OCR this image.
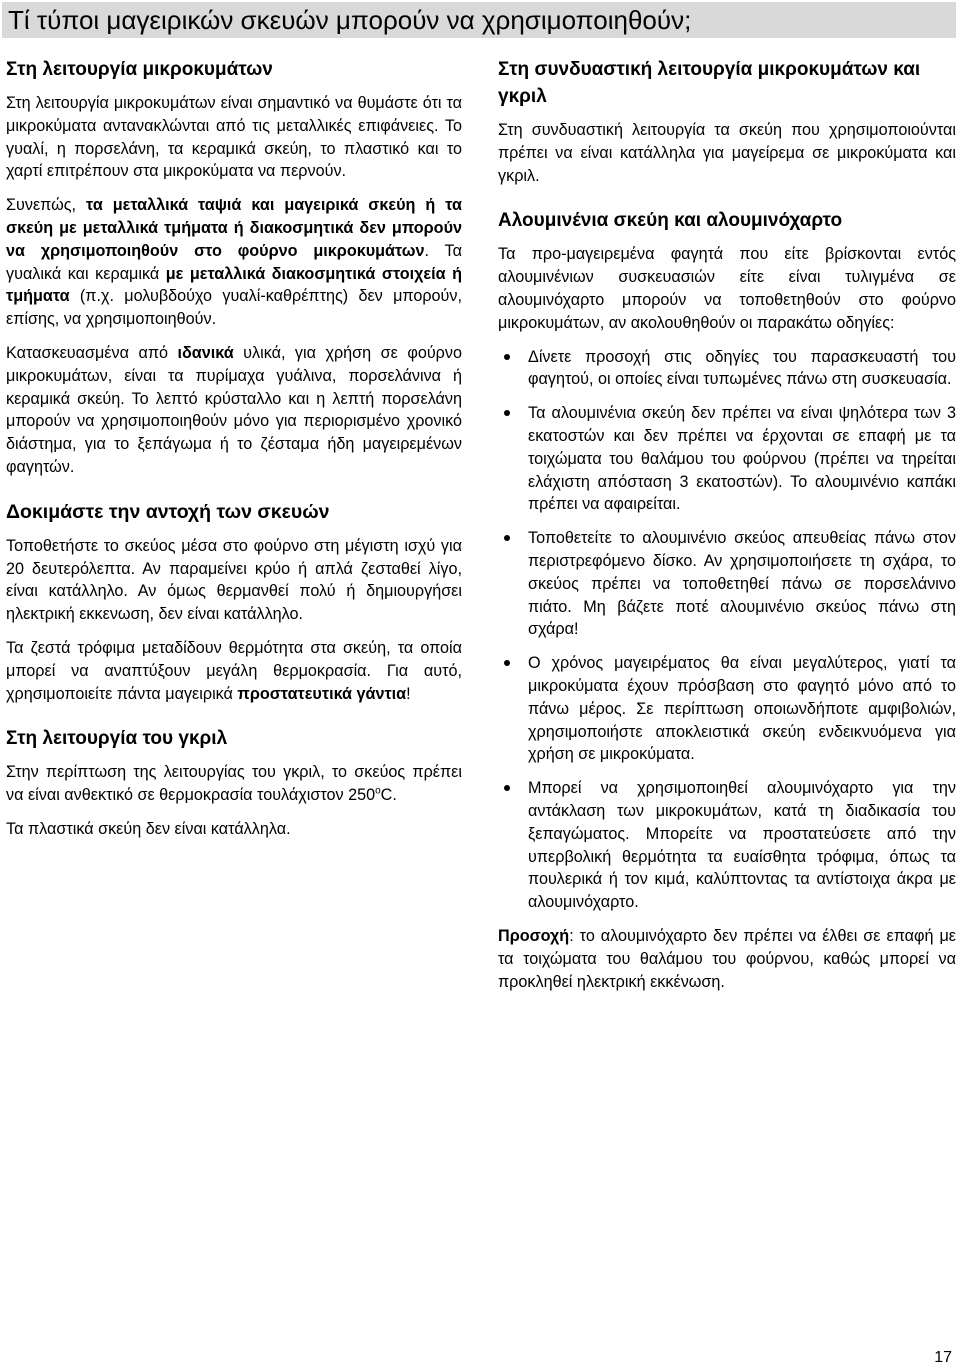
Τί τύποι μαγειρικών σκευών μπορούν να χρησιμοποιηθούν;
Στη λειτουργία μικροκυμάτων

Στη λειτουργία μικροκυμάτων είναι σημαντικό να θυμάστε ότι τα μικροκύματα αντανακλώνται από τις μεταλλικές επιφάνειες. Το γυαλί, η πορσελάνη, τα κεραμικά σκεύη, το πλαστικό και το χαρτί επιτρέπουν στα μικροκύματα να περνούν.

Συνεπώς, τα μεταλλικά ταψιά και μαγειρικά σκεύη ή τα σκεύη με μεταλλικά τμήματα ή διακοσμητικά δεν μπορούν να χρησιμοποιηθούν στο φούρνο μικροκυμάτων. Τα γυαλικά και κεραμικά με μεταλλικά διακοσμητικά στοιχεία ή τμήματα (π.χ. μολυβδούχο γυαλί-καθρέπτης) δεν μπορούν, επίσης, να χρησιμοποιηθούν.

Κατασκευασμένα από ιδανικά υλικά, για χρήση σε φούρνο μικροκυμάτων, είναι τα πυρίμαχα γυάλινα, πορσελάνινα ή κεραμικά σκεύη. Το λεπτό κρύσταλλο και η λεπτή πορσελάνη μπορούν να χρησιμοποιηθούν μόνο για περιορισμένο χρονικό διάστημα, για το ξεπάγωμα ή το ζέσταμα ήδη μαγειρεμένων φαγητών.

Δοκιμάστε την αντοχή των σκευών

Τοποθετήστε το σκεύος μέσα στο φούρνο στη μέγιστη ισχύ για 20 δευτερόλεπτα. Αν παραμείνει κρύο ή απλά ζεσταθεί λίγο, είναι κατάλληλο. Αν όμως θερμανθεί πολύ ή δημιουργήσει ηλεκτρική εκκενωση, δεν είναι κατάλληλο.

Τα ζεστά τρόφιμα μεταδίδουν θερμότητα στα σκεύη, τα οποία μπορεί να αναπτύξουν μεγάλη θερμοκρασία. Για αυτό, χρησιμοποιείτε πάντα μαγειρικά προστατευτικά γάντια!

Στη λειτουργία του γκριλ

Στην περίπτωση της λειτουργίας του γκριλ, το σκεύος πρέπει να είναι ανθεκτικό σε θερμοκρασία τουλάχιστον 250$^o$C.

Τα πλαστικά σκεύη δεν είναι κατάλληλα.

Στη συνδυαστική λειτουργία μικροκυμάτων και γκριλ

Στη συνδυαστική λειτουργία τα σκεύη που χρησιμοποιούνται πρέπει να είναι κατάλληλα για μαγείρεμα σε μικροκύματα και γκριλ.

Αλουμινένια σκεύη και αλουμινόχαρτο

Τα προ-μαγειρεμένα φαγητά που είτε βρίσκονται εντός αλουμινένιων συσκευασιών είτε είναι τυλιγμένα σε αλουμινόχαρτο μπορούν να τοποθετηθούν στο φούρνο μικροκυμάτων, αν ακολουθηθούν οι παρακάτω οδηγίες:

Δίνετε προσοχή στις οδηγίες του παρασκευαστή του φαγητού, οι οποίες είναι τυπωμένες πάνω στη συσκευασία.
Τα αλουμινένια σκεύη δεν πρέπει να είναι ψηλότερα των 3 εκατοστών και δεν πρέπει να έρχονται σε επαφή με τα τοιχώματα του θαλάμου του φούρνου (πρέπει να τηρείται ελάχιστη απόσταση 3 εκατοστών). Το αλουμινένιο καπάκι πρέπει να αφαιρείται.
Τοποθετείτε το αλουμινένιο σκεύος απευθείας πάνω στον περιστρεφόμενο δίσκο. Αν χρησιμοποιήσετε τη σχάρα, το σκεύος πρέπει να τοποθετηθεί πάνω σε πορσελάνινο πιάτο. Μη βάζετε ποτέ αλουμινένιο σκεύος πάνω στη σχάρα!
Ο χρόνος μαγειρέματος θα είναι μεγαλύτερος, γιατί τα μικροκύματα έχουν πρόσβαση στο φαγητό μόνο από το πάνω μέρος. Σε περίπτωση οποιωνδήποτε αμφιβολιών, χρησιμοποιήστε αποκλειστικά σκεύη ενδεικνυόμενα για χρήση σε μικροκύματα.
Μπορεί να χρησιμοποιηθεί αλουμινόχαρτο για την αντάκλαση των μικροκυμάτων, κατά τη διαδικασία του ξεπαγώματος. Μπορείτε να προστατεύσετε από την υπερβολική θερμότητα τα ευαίσθητα τρόφιμα, όπως τα πουλερικά ή τον κιμά, καλύπτοντας τα αντίστοιχα άκρα με αλουμινόχαρτο.

Προσοχή: το αλουμινόχαρτο δεν πρέπει να έλθει σε επαφή με τα τοιχώματα του θαλάμου του φούρνου, καθώς μπορεί να προκληθεί ηλεκτρική εκκένωση.

17
